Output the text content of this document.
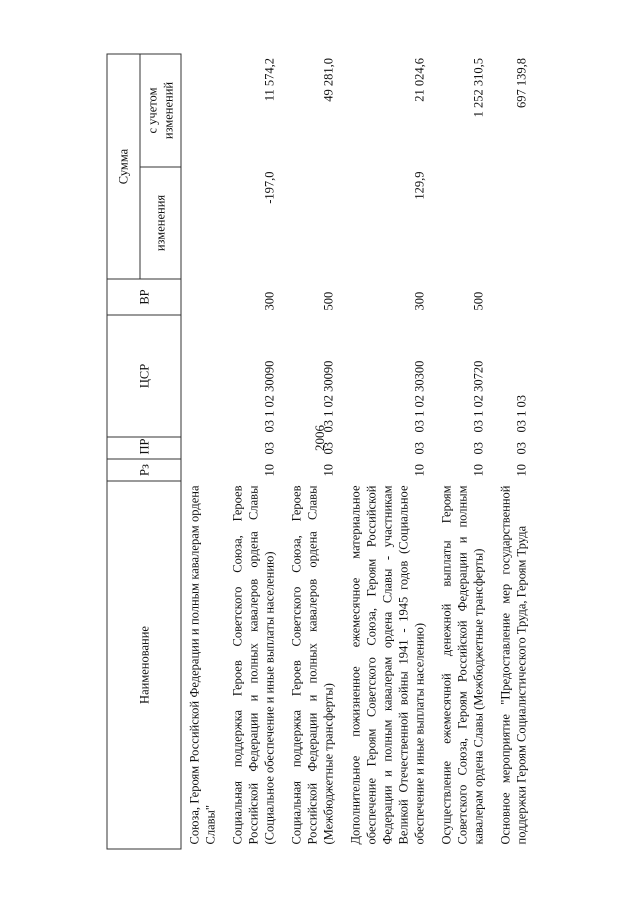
2006
Наименование	Рз	ПР	ЦСР	ВР	Сумма	
					изменения	с учетом изменений
Союза, Героям Российской Федерации и полным кавалерам ордена Славы"						
Социальная поддержка Героев Советского Союза, Героев Российской Федерации и полных кавалеров ордена Славы (Социальное обеспечение и иные выплаты населению)	10	03	03 1 02 30090	300	-197,0	11 574,2
Социальная поддержка Героев Советского Союза, Героев Российской Федерации и полных кавалеров ордена Славы (Межбюджетные трансферты)	10	03	03 1 02 30090	500		49 281,0
Дополнительное пожизненное ежемесячное материальное обеспечение Героям Советского Союза, Героям Российской Федерации и полным кавалерам ордена Славы - участникам Великой Отечественной войны 1941 - 1945 годов (Социальное обеспечение и иные выплаты населению)	10	03	03 1 02 30300	300	129,9	21 024,6
Осуществление ежемесячной денежной выплаты Героям Советского Союза, Героям Российской Федерации и полным кавалерам ордена Славы (Межбюджетные трансферты)	10	03	03 1 02 30720	500		1 252 310,5
Основное мероприятие "Предоставление мер государственной поддержки Героям Социалистического Труда, Героям Труда	10	03	03 1 03			697 139,8
